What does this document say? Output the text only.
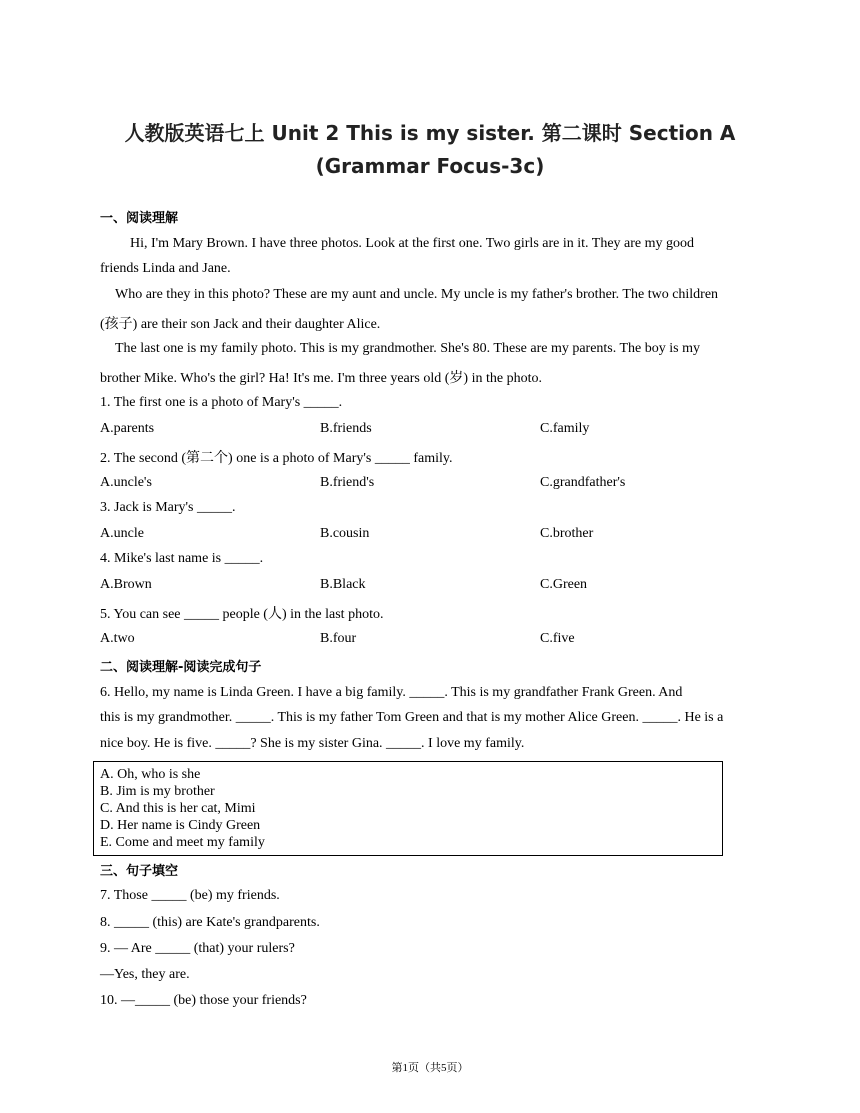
人教版英语七上 Unit 2 This is my sister. 第二课时 Section A
(Grammar Focus-3c)
一、阅读理解
Hi, I'm Mary Brown. I have three photos. Look at the first one. Two girls are in it. They are my good
friends Linda and Jane.
Who are they in this photo? These are my aunt and uncle. My uncle is my father's brother. The two children
(孩子) are their son Jack and their daughter Alice.
The last one is my family photo. This is my grandmother. She's 80. These are my parents. The boy is my
brother Mike. Who's the girl? Ha! It's me. I'm three years old (岁) in the photo.
1. The first one is a photo of Mary's _____.
A.parents	B.friends	C.family
2. The second (第二个) one is a photo of Mary's _____ family.
A.uncle's	B.friend's	C.grandfather's
3. Jack is Mary's _____.
A.uncle	B.cousin	C.brother
4. Mike's last name is _____.
A.Brown	B.Black	C.Green
5. You can see _____ people (人) in the last photo.
A.two	B.four	C.five
二、阅读理解-阅读完成句子
6. Hello, my name is Linda Green. I have a big family. _____. This is my grandfather Frank Green. And
this is my grandmother. _____. This is my father Tom Green and that is my mother Alice Green. _____. He is a
nice boy. He is five. _____? She is my sister Gina. _____. I love my family.
A. Oh, who is she
B. Jim is my brother
C. And this is her cat, Mimi
D. Her name is Cindy Green
E. Come and meet my family
三、句子填空
7. Those _____ (be) my friends.
8. _____ (this) are Kate's grandparents.
9. — Are _____ (that) your rulers?
—Yes, they are.
10. —_____ (be) those your friends?
第1页（共5页）
